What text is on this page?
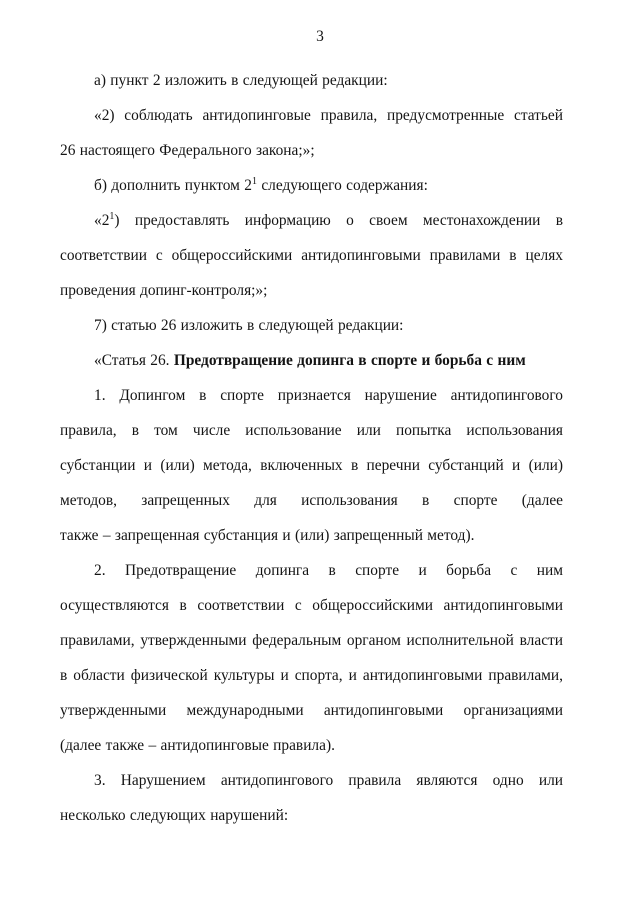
3

а) пункт 2 изложить в следующей редакции:

«2) соблюдать антидопинговые правила, предусмотренные статьей
26 настоящего Федерального закона;»;

б) дополнить пунктом $2^1$ следующего содержания:

«$2^1$) предоставлять информацию о своем местонахождении в
соответствии с общероссийскими антидопинговыми правилами в целях
проведения допинг-контроля;»;

7) статью 26 изложить в следующей редакции:

«Статья 26. Предотвращение допинга в спорте и борьба с ним

1. Допингом в спорте признается нарушение антидопингового
правила, в том числе использование или попытка использования
субстанции и (или) метода, включенных в перечни субстанций и (или)
методов, запрещенных для использования в спорте (далее
также – запрещенная субстанция и (или) запрещенный метод).

2. Предотвращение допинга в спорте и борьба с ним
осуществляются в соответствии с общероссийскими антидопинговыми
правилами, утвержденными федеральным органом исполнительной власти
в области физической культуры и спорта, и антидопинговыми правилами,
утвержденными международными антидопинговыми организациями
(далее также – антидопинговые правила).

3. Нарушением антидопингового правила являются одно или
несколько следующих нарушений:
